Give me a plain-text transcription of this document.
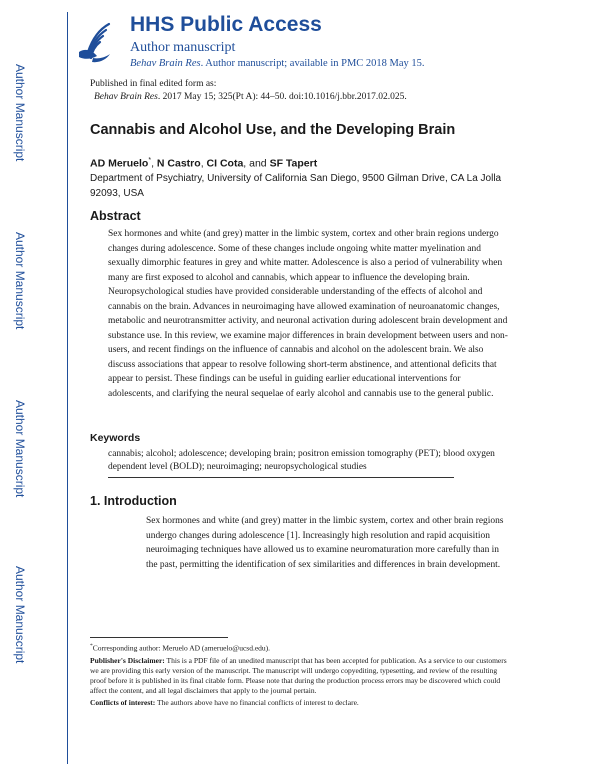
Author Manuscript
Author Manuscript
Author Manuscript
Author Manuscript
HHS Public Access
Author manuscript
Behav Brain Res. Author manuscript; available in PMC 2018 May 15.
Published in final edited form as:
Behav Brain Res. 2017 May 15; 325(Pt A): 44–50. doi:10.1016/j.bbr.2017.02.025.
Cannabis and Alcohol Use, and the Developing Brain
AD Meruelo*, N Castro, CI Cota, and SF Tapert
Department of Psychiatry, University of California San Diego, 9500 Gilman Drive, CA La Jolla 92093, USA
Abstract

Sex hormones and white (and grey) matter in the limbic system, cortex and other brain regions undergo changes during adolescence. Some of these changes include ongoing white matter myelination and sexually dimorphic features in grey and white matter. Adolescence is also a period of vulnerability when many are first exposed to alcohol and cannabis, which appear to influence the developing brain. Neuropsychological studies have provided considerable understanding of the effects of alcohol and cannabis on the brain. Advances in neuroimaging have allowed examination of neuroanatomic changes, metabolic and neurotransmitter activity, and neuronal activation during adolescent brain development and substance use. In this review, we examine major differences in brain development between users and non-users, and recent findings on the influence of cannabis and alcohol on the adolescent brain. We also discuss associations that appear to resolve following short-term abstinence, and attentional deficits that appear to persist. These findings can be useful in guiding earlier educational interventions for adolescents, and clarifying the neural sequelae of early alcohol and cannabis use to the general public.

Keywords

cannabis; alcohol; adolescence; developing brain; positron emission tomography (PET); blood oxygen dependent level (BOLD); neuroimaging; neuropsychological studies

1. Introduction

Sex hormones and white (and grey) matter in the limbic system, cortex and other brain regions undergo changes during adolescence [1]. Increasingly high resolution and rapid acquisition neuroimaging techniques have allowed us to examine neuromaturation more carefully than in the past, permitting the identification of sex similarities and differences in brain development.

*Corresponding author: Meruelo AD (ameruelo@ucsd.edu).

Publisher's Disclaimer: This is a PDF file of an unedited manuscript that has been accepted for publication. As a service to our customers we are providing this early version of the manuscript. The manuscript will undergo copyediting, typesetting, and review of the resulting proof before it is published in its final citable form. Please note that during the production process errors may be discovered which could affect the content, and all legal disclaimers that apply to the journal pertain.

Conflicts of interest: The authors above have no financial conflicts of interest to declare.
